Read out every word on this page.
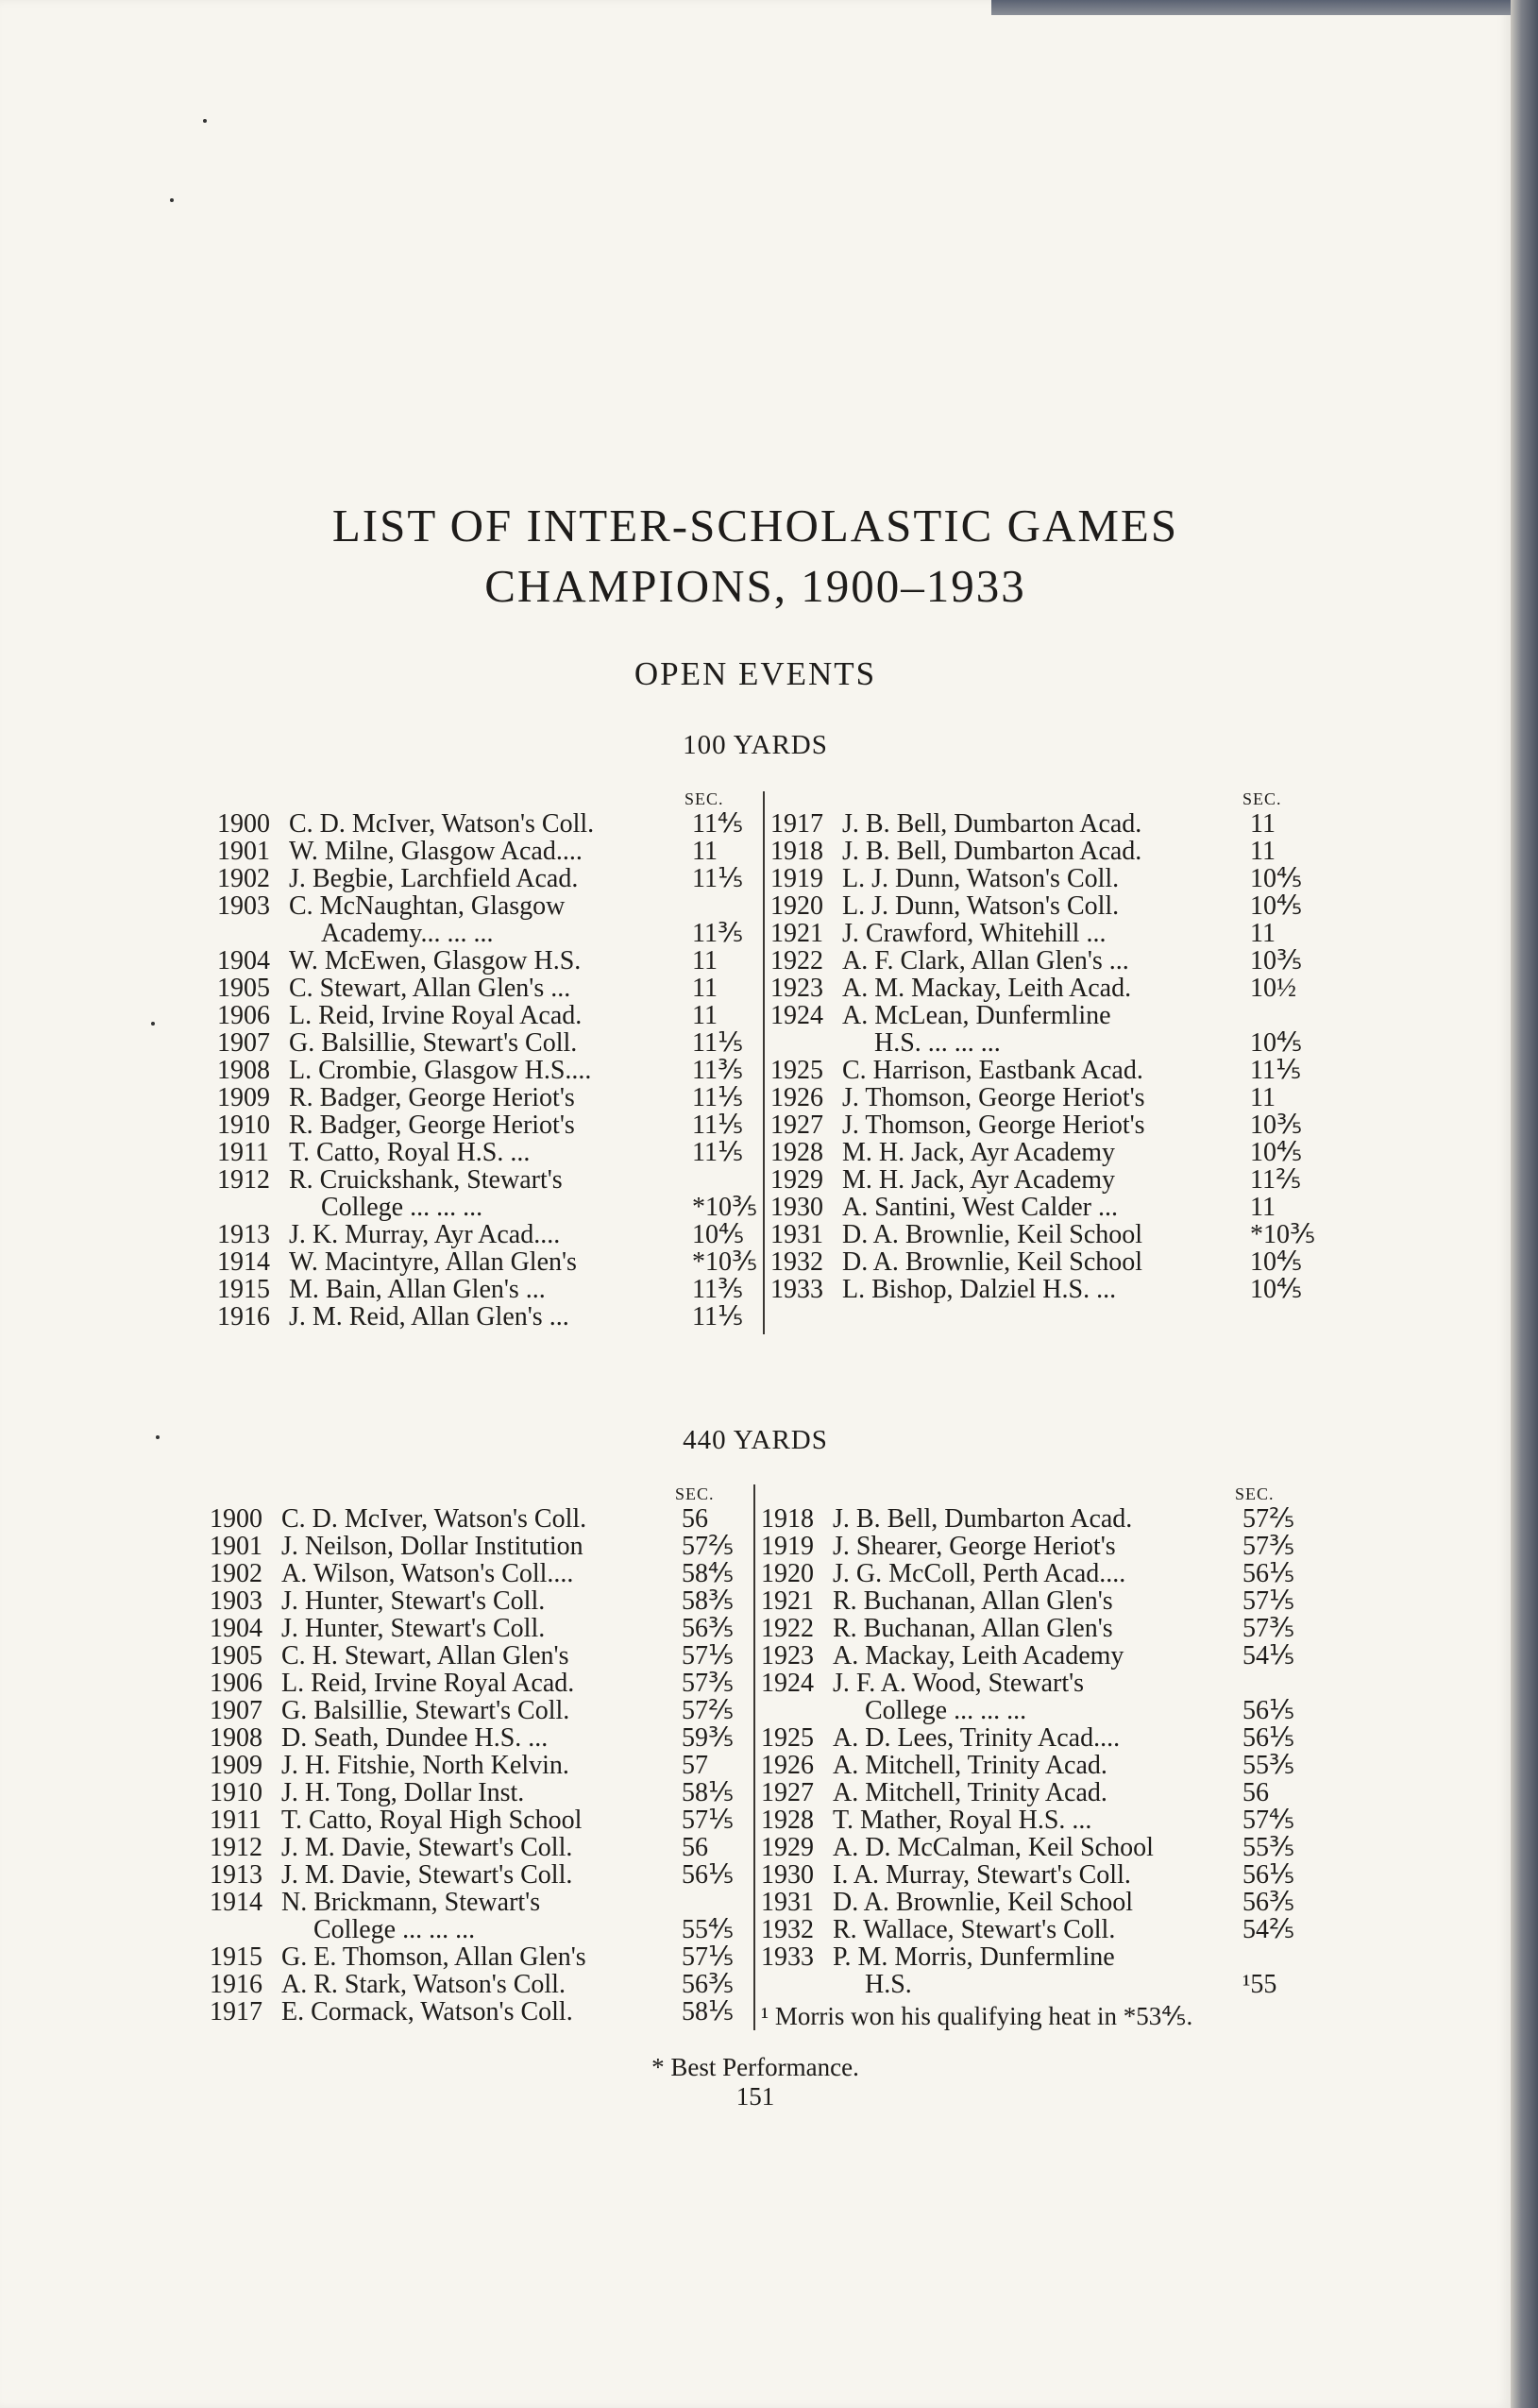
LIST OF INTER-SCHOLASTIC GAMES
CHAMPIONS, 1900–1933
OPEN EVENTS
100 YARDS
SEC.
1900 C. D. McIver, Watson's Coll.	11⅘
1901 W. Milne, Glasgow Acad....	11
1902 J. Begbie, Larchfield Acad.	11⅕
1903 C. McNaughtan, Glasgow
Academy... ... ...	11⅗
1904 W. McEwen, Glasgow H.S.	11
1905 C. Stewart, Allan Glen's ...	11
1906 L. Reid, Irvine Royal Acad.	11
1907 G. Balsillie, Stewart's Coll.	11⅕
1908 L. Crombie, Glasgow H.S....	11⅗
1909 R. Badger, George Heriot's	11⅕
1910 R. Badger, George Heriot's	11⅕
1911 T. Catto, Royal H.S. ...	11⅕
1912 R. Cruickshank, Stewart's
College ... ... ...	*10⅗
1913 J. K. Murray, Ayr Acad....	10⅘
1914 W. Macintyre, Allan Glen's	*10⅗
1915 M. Bain, Allan Glen's ...	11⅗
1916 J. M. Reid, Allan Glen's ...	11⅕
SEC.
1917 J. B. Bell, Dumbarton Acad.	11
1918 J. B. Bell, Dumbarton Acad.	11
1919 L. J. Dunn, Watson's Coll.	10⅘
1920 L. J. Dunn, Watson's Coll.	10⅘
1921 J. Crawford, Whitehill ...	11
1922 A. F. Clark, Allan Glen's ...	10⅗
1923 A. M. Mackay, Leith Acad.	10½
1924 A. McLean, Dunfermline
H.S. ... ... ...	10⅘
1925 C. Harrison, Eastbank Acad.	11⅕
1926 J. Thomson, George Heriot's	11
1927 J. Thomson, George Heriot's	10⅗
1928 M. H. Jack, Ayr Academy	10⅘
1929 M. H. Jack, Ayr Academy	11⅖
1930 A. Santini, West Calder ...	11
1931 D. A. Brownlie, Keil School	*10⅗
1932 D. A. Brownlie, Keil School	10⅘
1933 L. Bishop, Dalziel H.S. ...	10⅘
440 YARDS
SEC.
1900 C. D. McIver, Watson's Coll.	56
1901 J. Neilson, Dollar Institution	57⅖
1902 A. Wilson, Watson's Coll....	58⅘
1903 J. Hunter, Stewart's Coll.	58⅗
1904 J. Hunter, Stewart's Coll.	56⅗
1905 C. H. Stewart, Allan Glen's	57⅕
1906 L. Reid, Irvine Royal Acad.	57⅗
1907 G. Balsillie, Stewart's Coll.	57⅖
1908 D. Seath, Dundee H.S. ...	59⅗
1909 J. H. Fitshie, North Kelvin.	57
1910 J. H. Tong, Dollar Inst.	58⅕
1911 T. Catto, Royal High School	57⅕
1912 J. M. Davie, Stewart's Coll.	56
1913 J. M. Davie, Stewart's Coll.	56⅕
1914 N. Brickmann, Stewart's
College ... ... ...	55⅘
1915 G. E. Thomson, Allan Glen's	57⅕
1916 A. R. Stark, Watson's Coll.	56⅗
1917 E. Cormack, Watson's Coll.	58⅕
SEC.
1918 J. B. Bell, Dumbarton Acad.	57⅖
1919 J. Shearer, George Heriot's	57⅗
1920 J. G. McColl, Perth Acad....	56⅕
1921 R. Buchanan, Allan Glen's	57⅕
1922 R. Buchanan, Allan Glen's	57⅗
1923 A. Mackay, Leith Academy	54⅕
1924 J. F. A. Wood, Stewart's
College ... ... ...	56⅕
1925 A. D. Lees, Trinity Acad....	56⅕
1926 A. Mitchell, Trinity Acad.	55⅗
1927 A. Mitchell, Trinity Acad.	56
1928 T. Mather, Royal H.S. ...	57⅘
1929 A. D. McCalman, Keil School	55⅗
1930 I. A. Murray, Stewart's Coll.	56⅕
1931 D. A. Brownlie, Keil School	56⅗
1932 R. Wallace, Stewart's Coll.	54⅖
1933 P. M. Morris, Dunfermline
H.S.	¹55
¹ Morris won his qualifying heat in *53⅘.
* Best Performance.
151
